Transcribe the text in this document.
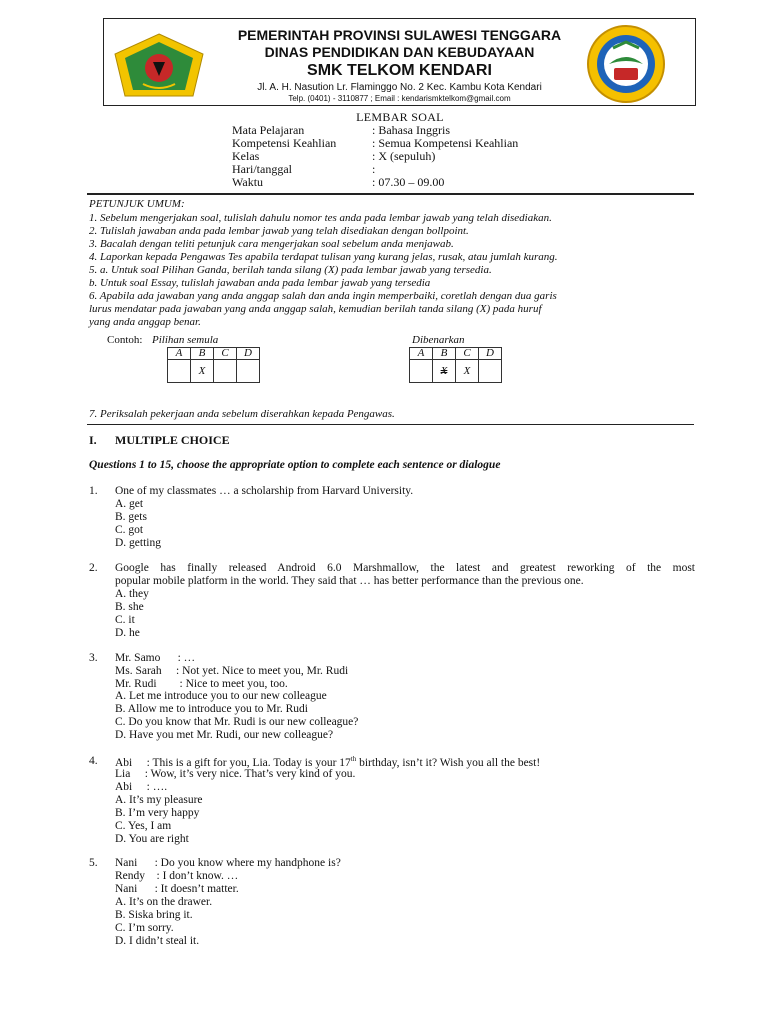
PEMERINTAH PROVINSI SULAWESI TENGGARA
DINAS PENDIDIKAN DAN KEBUDAYAAN
SMK TELKOM KENDARI
Jl. A. H. Nasution Lr. Flaminggo No. 2 Kec. Kambu Kota Kendari
Telp. (0401) - 3110877 ; Email : kendarismktelkom@gmail.com
LEMBAR SOAL
Mata Pelajaran	: Bahasa Inggris
Kompetensi Keahlian	: Semua Kompetensi Keahlian
Kelas	: X (sepuluh)
Hari/tanggal	:
Waktu	: 07.30 – 09.00
PETUNJUK UMUM:
1. Sebelum mengerjakan soal, tulislah dahulu nomor tes anda pada lembar jawab yang telah disediakan.
2. Tulislah jawaban anda pada lembar jawab yang telah disediakan dengan bollpoint.
3. Bacalah dengan teliti petunjuk cara mengerjakan soal sebelum anda menjawab.
4. Laporkan kepada Pengawas Tes apabila terdapat tulisan yang kurang jelas, rusak, atau jumlah kurang.
5. a. Untuk soal Pilihan Ganda, berilah tanda silang (X) pada lembar jawab yang tersedia.
b. Untuk soal Essay, tulislah jawaban anda pada lembar jawab yang tersedia
6. Apabila ada jawaban yang anda anggap salah dan anda ingin memperbaiki, coretlah dengan dua garis
lurus mendatar pada jawaban yang anda anggap salah, kemudian berilah tanda silang (X) pada huruf
yang anda anggap benar.
Contoh: Pilihan semula	Dibenarkan
A	B	C	D
	X		
A	B	C	D
	X	X	
7. Periksalah pekerjaan anda sebelum diserahkan kepada Pengawas.
I. MULTIPLE CHOICE
Questions 1 to 15, choose the appropriate option to complete each sentence or dialogue
1. One of my classmates … a scholarship from Harvard University.
A. get
B. gets
C. got
D. getting
2. Google has finally released Android 6.0 Marshmallow, the latest and greatest reworking of the most
popular mobile platform in the world. They said that … has better performance than the previous one.
A. they
B. she
C. it
D. he
3. Mr. Samo      : …
Ms. Sarah     : Not yet. Nice to meet you, Mr. Rudi
Mr. Rudi        : Nice to meet you, too.
A. Let me introduce you to our new colleague
B. Allow me to introduce you to Mr. Rudi
C. Do you know that Mr. Rudi is our new colleague?
D. Have you met Mr. Rudi, our new colleague?
4. Abi     : This is a gift for you, Lia. Today is your 17th birthday, isn’t it? Wish you all the best!
Lia     : Wow, it’s very nice. That’s very kind of you.
Abi     : ….
A. It’s my pleasure
B. I’m very happy
C. Yes, I am
D. You are right
5. Nani      : Do you know where my handphone is?
Rendy    : I don’t know. …
Nani      : It doesn’t matter.
A. It’s on the drawer.
B. Siska bring it.
C. I’m sorry.
D. I didn’t steal it.
